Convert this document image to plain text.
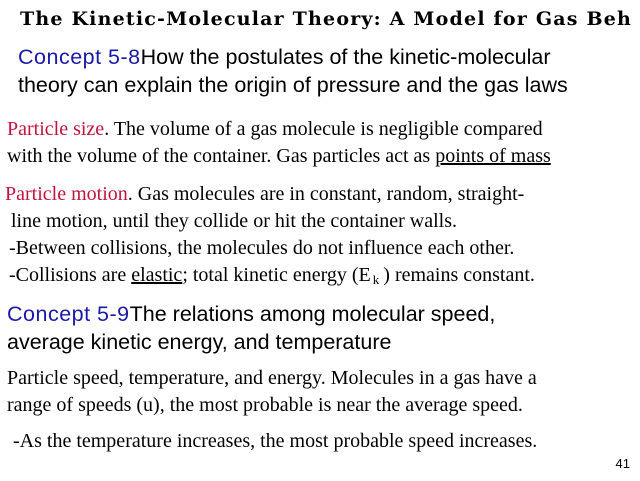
The Kinetic-Molecular Theory: A Model for Gas Beh
Concept 5-8How the postulates of the kinetic-molecular
theory can explain the origin of pressure and the gas laws
Particle size. The volume of a gas molecule is negligible compared
with the volume of the container. Gas particles act as points of mass
Particle motion. Gas molecules are in constant, random, straight-
line motion, until they collide or hit the container walls.
-Between collisions, the molecules do not influence each other.
-Collisions are elastic; total kinetic energy (E $_k$ ) remains constant.
Concept 5-9The relations among molecular speed,
average kinetic energy, and temperature
Particle speed, temperature, and energy. Molecules in a gas have a
range of speeds (u), the most probable is near the average speed.
-As the temperature increases, the most probable speed increases.
41
